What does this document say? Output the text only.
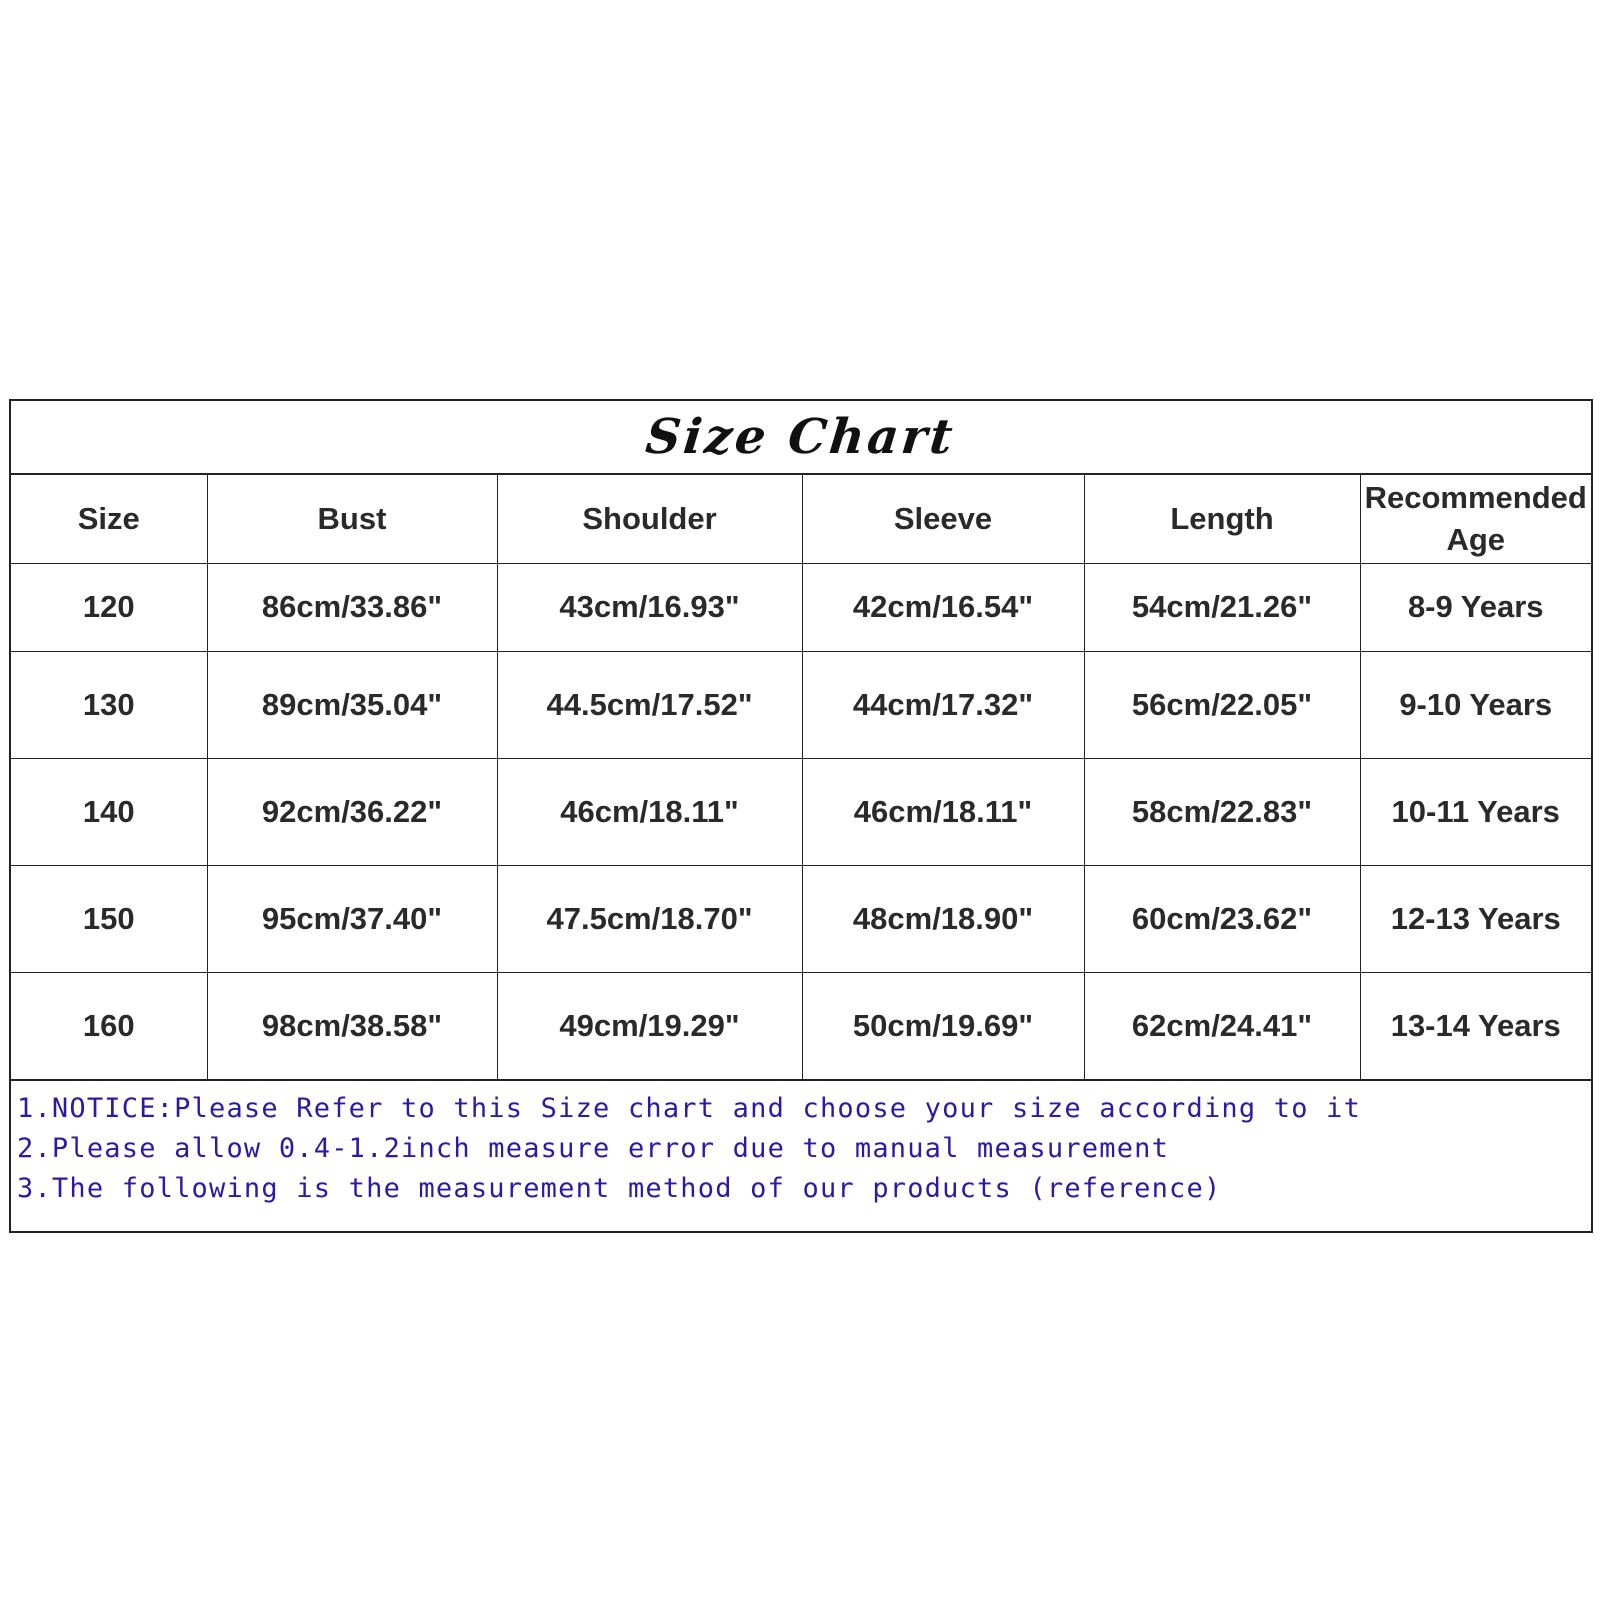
Size Chart
Size	Bust	Shoulder	Sleeve	Length	Recommended Age
120	86cm/33.86"	43cm/16.93"	42cm/16.54"	54cm/21.26"	8-9 Years
130	89cm/35.04"	44.5cm/17.52"	44cm/17.32"	56cm/22.05"	9-10 Years
140	92cm/36.22"	46cm/18.11"	46cm/18.11"	58cm/22.83"	10-11 Years
150	95cm/37.40"	47.5cm/18.70"	48cm/18.90"	60cm/23.62"	12-13 Years
160	98cm/38.58"	49cm/19.29"	50cm/19.69"	62cm/24.41"	13-14 Years
1.NOTICE:Please Refer to this Size chart and choose your size according to it
2.Please allow 0.4-1.2inch measure error due to manual measurement
3.The following is the measurement method of our products (reference)
